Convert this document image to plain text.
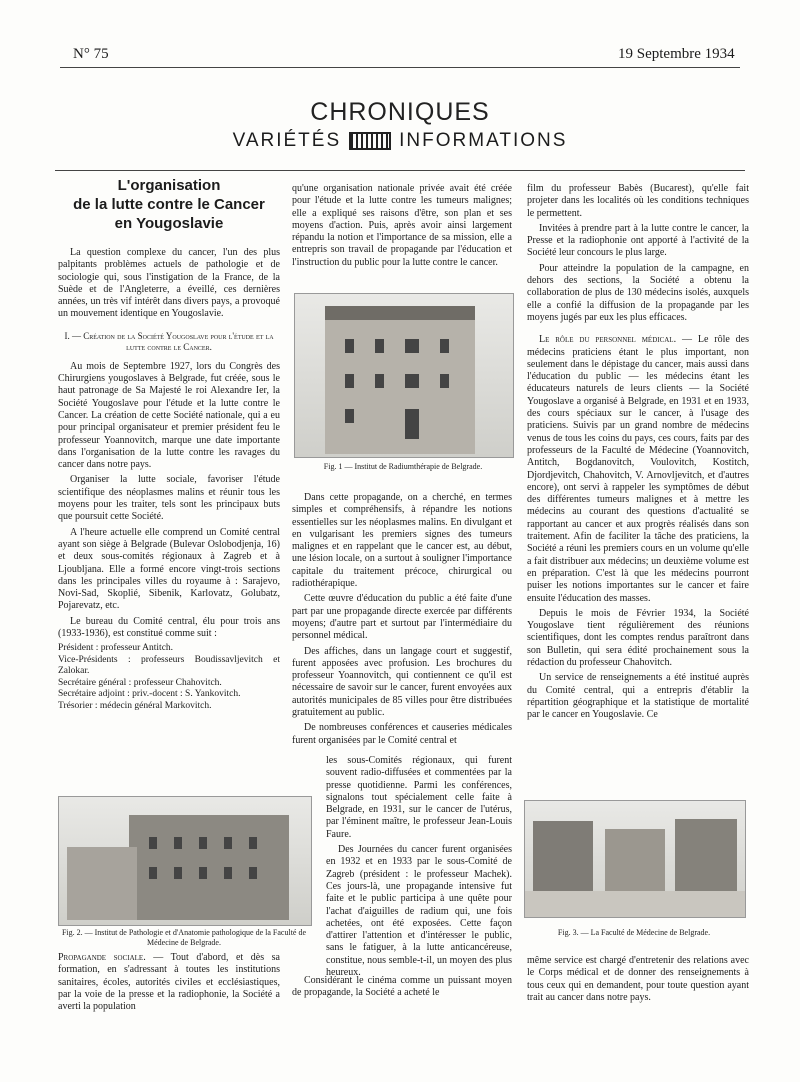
N° 75	19 Septembre 1934
CHRONIQUES
VARIÉTÉS	INFORMATIONS
L'organisation
de la lutte contre le Cancer
en Yougoslavie

La question complexe du cancer, l'un des plus palpitants problèmes actuels de pathologie et de sociologie qui, sous l'instigation de la France, de la Suède et de l'Angleterre, a éveillé, ces dernières années, un très vif intérêt dans divers pays, a provoqué un mouvement identique en Yougoslavie.

I. — Création de la Société Yougoslave pour l'étude et la lutte contre le Cancer.

Au mois de Septembre 1927, lors du Congrès des Chirurgiens yougoslaves à Belgrade, fut créée, sous le haut patronage de Sa Majesté le roi Alexandre Ier, la Société Yougoslave pour l'étude et la lutte contre le Cancer. La création de cette Société nationale, qui a eu pour principal organisateur et premier président feu le professeur Yoannovitch, marque une date importante dans l'organisation de la lutte contre les ravages du cancer dans notre pays.

Organiser la lutte sociale, favoriser l'étude scientifique des néoplasmes malins et réunir tous les moyens pour les traiter, tels sont les principaux buts que poursuit cette Société.

A l'heure actuelle elle comprend un Comité central ayant son siège à Belgrade (Bulevar Oslobodjenja, 16) et deux sous-comités régionaux à Zagreb et à Ljoubljana. Elle a formé encore vingt-trois sections dans les principales villes du royaume à : Sarajevo, Novi-Sad, Skoplié, Sibenik, Karlovatz, Golubatz, Pojarevatz, etc.

Le bureau du Comité central, élu pour trois ans (1933-1936), est constitué comme suit :

Président : professeur Antitch.
Vice-Présidents : professeurs Boudissavljevitch et Zalokar.
Secrétaire général : professeur Chahovitch.
Secrétaire adjoint : priv.-docent : S. Yankovitch.
Trésorier : médecin général Markovitch.
Fig. 2. — Institut de Pathologie et d'Anatomie pathologique de la Faculté de Médecine de Belgrade.

Propagande sociale. — Tout d'abord, et dès sa formation, en s'adressant à toutes les institutions sanitaires, écoles, autorités civiles et ecclésiastiques, par la voie de la presse et la radiophonie, la Société a averti la population

qu'une organisation nationale privée avait été créée pour l'étude et la lutte contre les tumeurs malignes; elle a expliqué ses raisons d'être, son plan et ses moyens d'action. Puis, après avoir ainsi largement répandu la notion et l'importance de sa mission, elle a entrepris son travail de propagande par l'éducation et l'instruction du public pour la lutte contre le cancer.

Fig. 1 — Institut de Radiumthérapie de Belgrade.

Dans cette propagande, on a cherché, en termes simples et compréhensifs, à répandre les notions essentielles sur les néoplasmes malins. En divulgant et en vulgarisant les premiers signes des tumeurs malignes et en rappelant que le cancer est, au début, une lésion locale, on a surtout à souligner l'importance capitale du traitement précoce, chirurgical ou radiothérapique.

Cette œuvre d'éducation du public a été faite d'une part par une propagande directe exercée par différents moyens; d'autre part et surtout par l'intermédiaire du personnel médical.

Des affiches, dans un langage court et suggestif, furent apposées avec profusion. Les brochures du professeur Yoannovitch, qui contiennent ce qu'il est nécessaire de savoir sur le cancer, furent envoyées aux autorités municipales de 85 villes pour être distribuées gratuitement au public.

De nombreuses conférences et causeries médicales furent organisées par le Comité central et

les sous-Comités régionaux, qui furent souvent radio-diffusées et commentées par la presse quotidienne. Parmi les conférences, signalons tout spécialement celle faite à Belgrade, en 1931, sur le cancer de l'utérus, par l'éminent maître, le professeur Jean-Louis Faure.

Des Journées du cancer furent organisées en 1932 et en 1933 par le sous-Comité de Zagreb (président : le professeur Machek). Ces jours-là, une propagande intensive fut faite et le public participa à une quête pour l'achat d'aiguilles de radium qui, une fois achetées, ont été exposées. Cette façon d'attirer l'attention et d'intéresser le public, sans le fatiguer, à la lutte anticancéreuse, constitue, nous semble-t-il, un moyen des plus heureux.

Considérant le cinéma comme un puissant moyen de propagande, la Société a acheté le

film du professeur Babès (Bucarest), qu'elle fait projeter dans les localités où les conditions techniques le permettent.

Invitées à prendre part à la lutte contre le cancer, la Presse et la radiophonie ont apporté à l'activité de la Société leur concours le plus large.

Pour atteindre la population de la campagne, en dehors des sections, la Société a obtenu la collaboration de plus de 130 médecins isolés, auxquels elle a confié la diffusion de la propagande par les moyens jugés par eux les plus efficaces.

Le rôle du personnel médical. — Le rôle des médecins praticiens étant le plus important, non seulement dans le dépistage du cancer, mais aussi dans l'éducation du public — les médecins étant les éducateurs naturels de leurs clients — la Société Yougoslave a organisé à Belgrade, en 1931 et en 1933, des cours spéciaux sur le cancer, à l'usage des praticiens. Suivis par un grand nombre de médecins venus de tous les coins du pays, ces cours, faits par des professeurs de la Faculté de Médecine (Yoannovitch, Antitch, Bogdanovitch, Voulovitch, Kostitch, Djordjevitch, Chahovitch, V. Arnovljevitch, et d'autres encore), ont servi à rappeler les symptômes de début des différentes tumeurs malignes et à mettre les médecins au courant des questions d'actualité se rapportant au cancer et aux progrès réalisés dans son traitement. Afin de faciliter la tâche des praticiens, la Société a réuni les premiers cours en un volume qu'elle a fait distribuer aux médecins; un deuxième volume est en préparation. C'est là que les médecins pourront puiser les notions importantes sur le cancer et faire ensuite l'éducation des masses.

Depuis le mois de Février 1934, la Société Yougoslave tient régulièrement des réunions scientifiques, dont les comptes rendus paraîtront dans son Bulletin, qui sera édité prochainement sous la rédaction du professeur Chahovitch.

Un service de renseignements a été institué auprès du Comité central, qui a entrepris d'établir la répartition géographique et la statistique de mortalité par le cancer en Yougoslavie. Ce

Fig. 3. — La Faculté de Médecine de Belgrade.

même service est chargé d'entretenir des relations avec le Corps médical et de donner des renseignements à tous ceux qui en demandent, pour toute question ayant trait au cancer dans notre pays.
